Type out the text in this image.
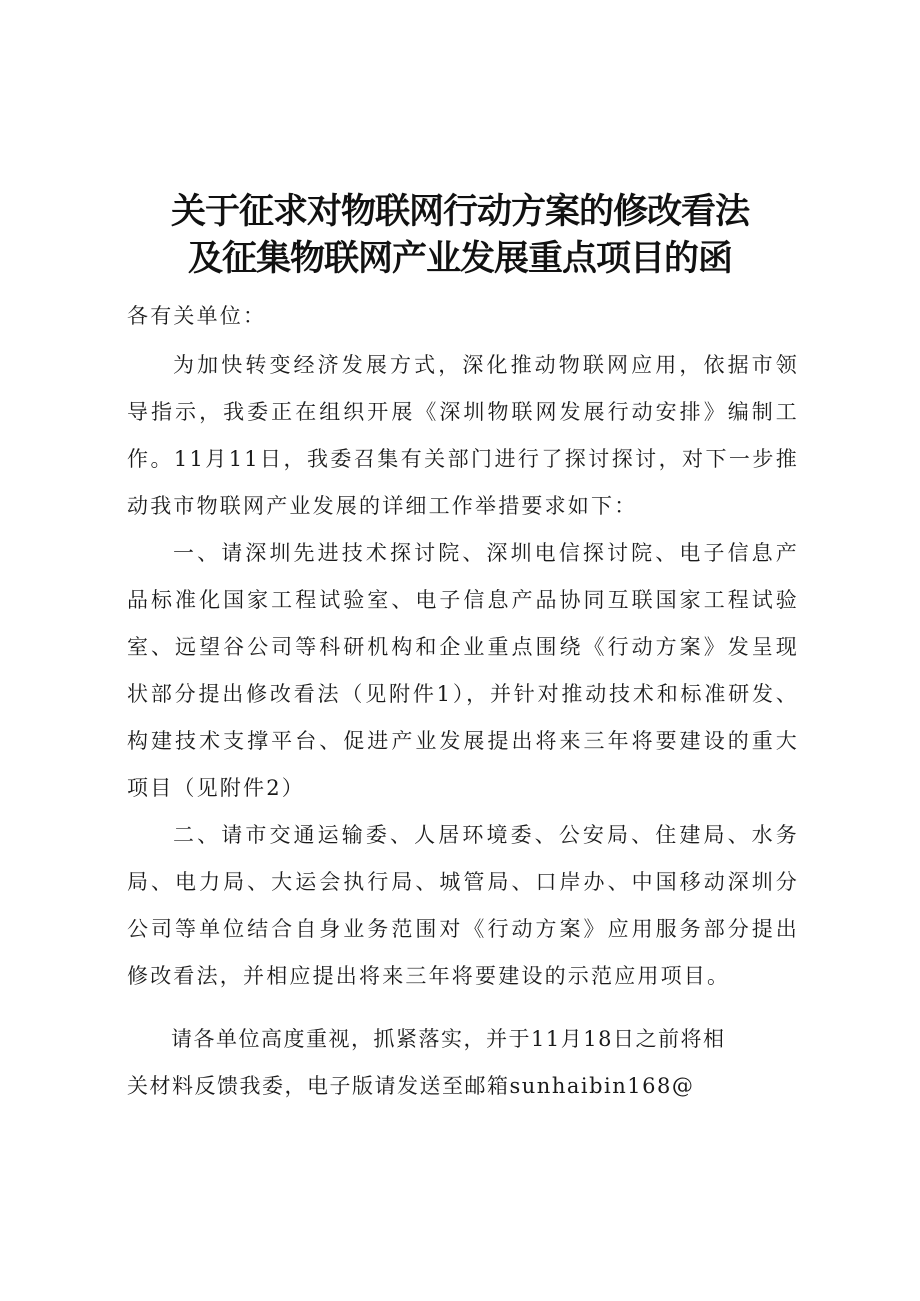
关于征求对物联网行动方案的修改看法
及征集物联网产业发展重点项目的函
各有关单位：

为加快转变经济发展方式，深化推动物联网应用，依据市领导指示，我委正在组织开展《深圳物联网发展行动安排》编制工作。11月11日，我委召集有关部门进行了探讨探讨，对下一步推动我市物联网产业发展的详细工作举措要求如下：

一、请深圳先进技术探讨院、深圳电信探讨院、电子信息产品标准化国家工程试验室、电子信息产品协同互联国家工程试验室、远望谷公司等科研机构和企业重点围绕《行动方案》发呈现状部分提出修改看法（见附件1），并针对推动技术和标准研发、构建技术支撑平台、促进产业发展提出将来三年将要建设的重大项目（见附件2）

二、请市交通运输委、人居环境委、公安局、住建局、水务局、电力局、大运会执行局、城管局、口岸办、中国移动深圳分公司等单位结合自身业务范围对《行动方案》应用服务部分提出修改看法，并相应提出将来三年将要建设的示范应用项目。

请各单位高度重视，抓紧落实，并于11月18日之前将相关材料反馈我委，电子版请发送至邮箱sunhaibin168@
